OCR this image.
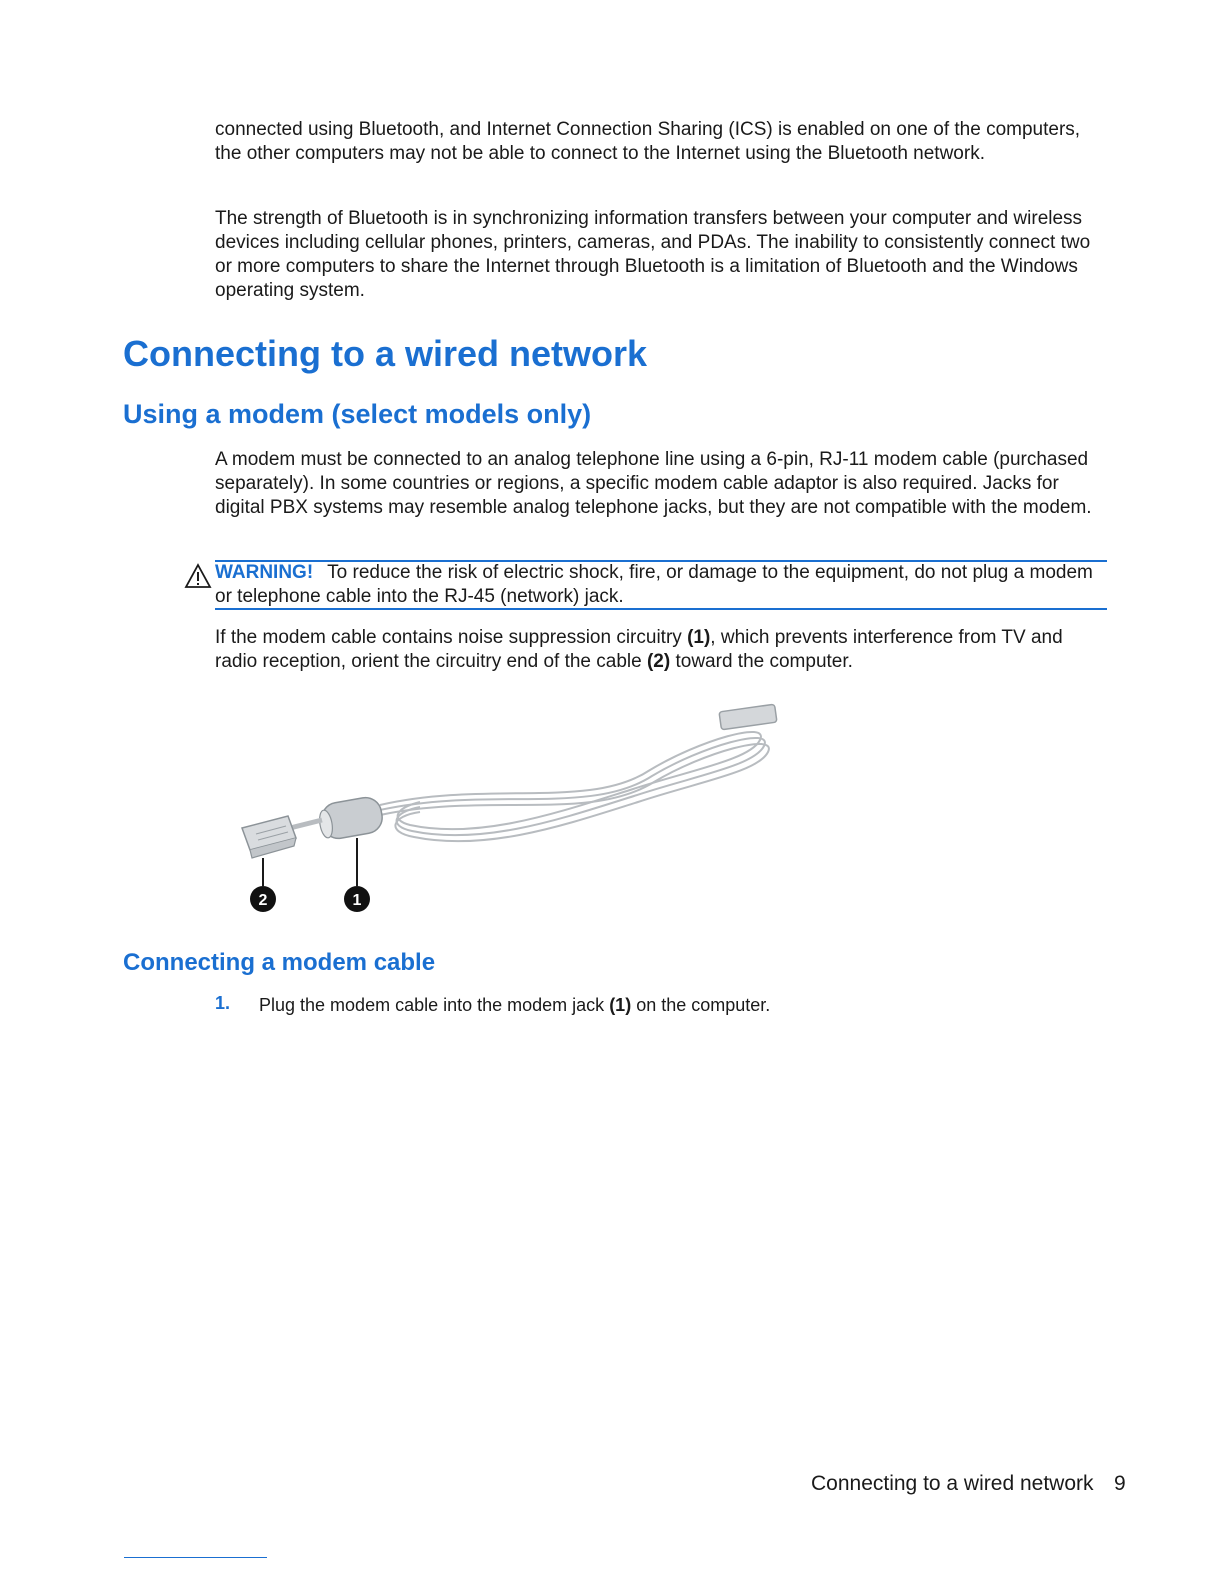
connected using Bluetooth, and Internet Connection Sharing (ICS) is enabled on one of the computers, the other computers may not be able to connect to the Internet using the Bluetooth network.

The strength of Bluetooth is in synchronizing information transfers between your computer and wireless devices including cellular phones, printers, cameras, and PDAs. The inability to consistently connect two or more computers to share the Internet through Bluetooth is a limitation of Bluetooth and the Windows operating system.

Connecting to a wired network
Using a modem (select models only)

A modem must be connected to an analog telephone line using a 6-pin, RJ-11 modem cable (purchased separately). In some countries or regions, a specific modem cable adaptor is also required. Jacks for digital PBX systems may resemble analog telephone jacks, but they are not compatible with the modem.

WARNING! To reduce the risk of electric shock, fire, or damage to the equipment, do not plug a modem or telephone cable into the RJ-45 (network) jack.

If the modem cable contains noise suppression circuitry (1), which prevents interference from TV and radio reception, orient the circuitry end of the cable (2) toward the computer.

2	1
Connecting a modem cable
1. Plug the modem cable into the modem jack (1) on the computer.

Connecting to a wired network 9
